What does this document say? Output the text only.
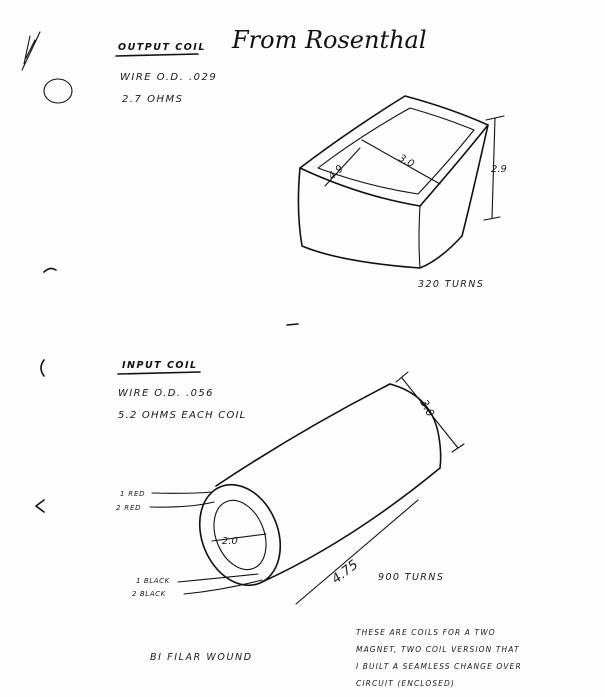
From Rosenthal
OUTPUT COIL
WIRE O.D. .029
2.7 OHMS
4.9
3.0	2.9
320 TURNS
INPUT COIL
WIRE O.D. .056
5.2 OHMS EACH COIL
2.0
3.0
4.75 900 TURNS
1 RED
2 RED
1 BLACK
2 BLACK
BI FILAR WOUND
THESE ARE COILS FOR A TWO
MAGNET, TWO COIL VERSION THAT
I BUILT A SEAMLESS CHANGE OVER
CIRCUIT (ENCLOSED)
